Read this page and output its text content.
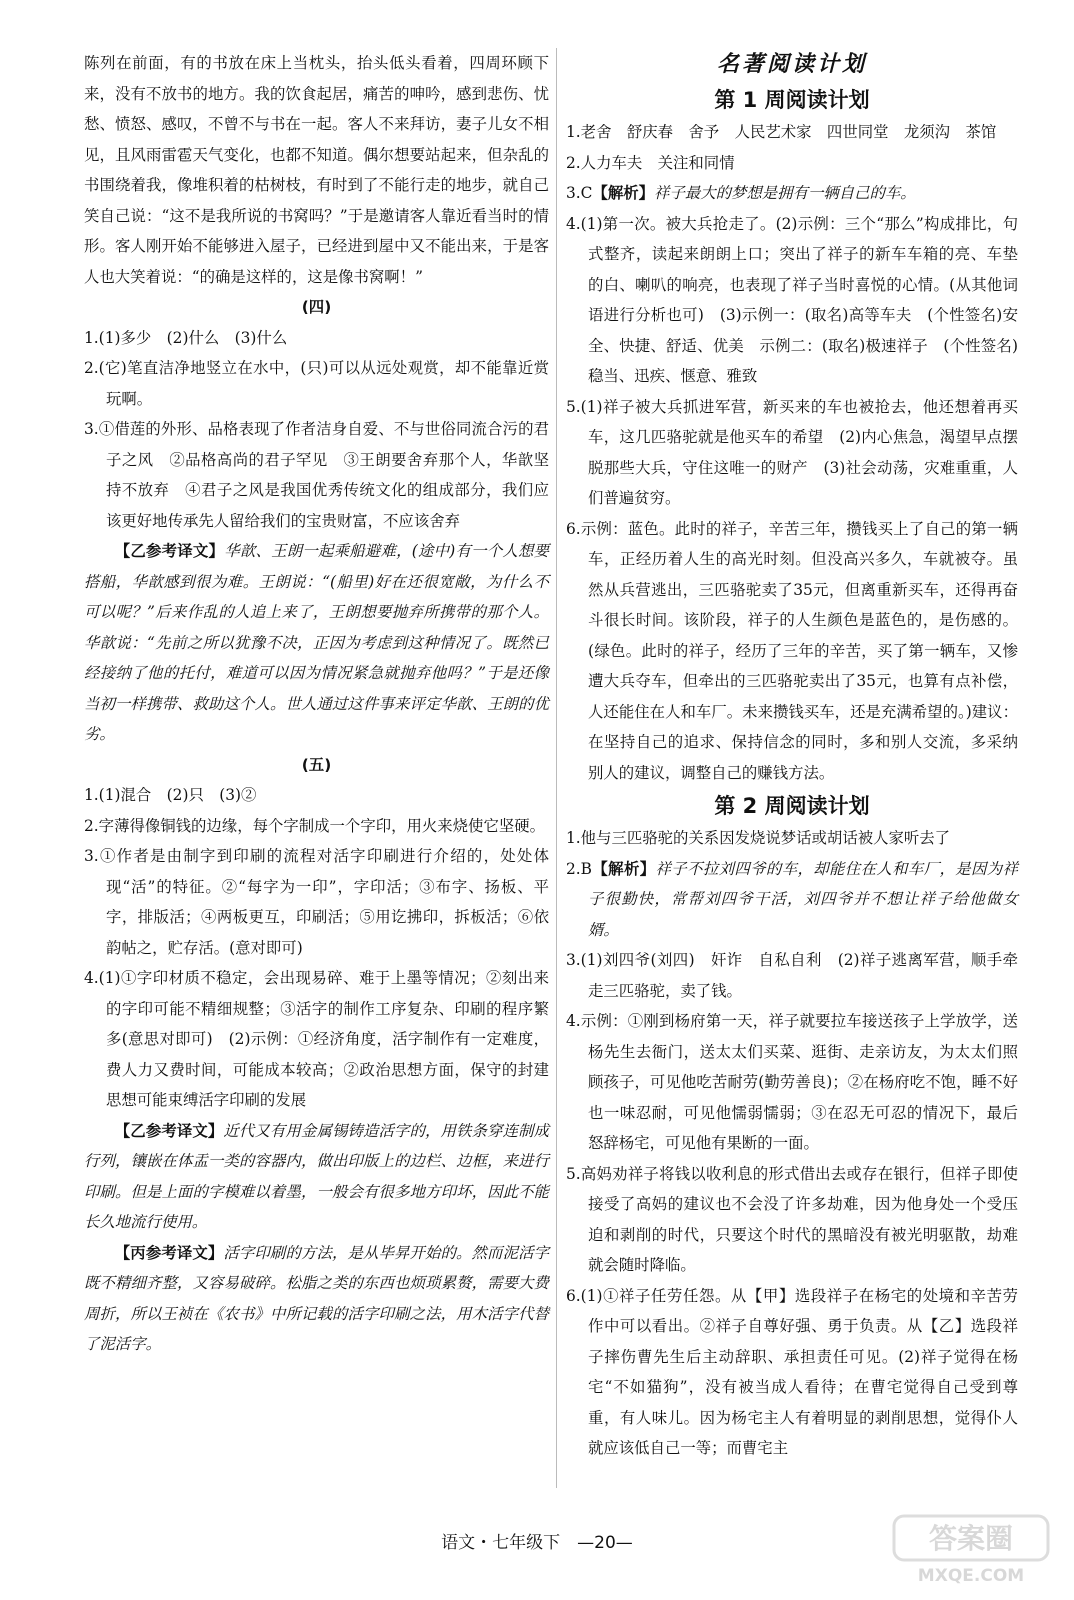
陈列在前面，有的书放在床上当枕头，抬头低头看着，四周环顾下来，没有不放书的地方。我的饮食起居，痛苦的呻吟，感到悲伤、忧愁、愤怒、感叹，不曾不与书在一起。客人不来拜访，妻子儿女不相见，且风雨雷雹天气变化，也都不知道。偶尔想要站起来，但杂乱的书围绕着我，像堆积着的枯树枝，有时到了不能行走的地步，就自己笑自己说：“这不是我所说的书窝吗？”于是邀请客人靠近看当时的情形。客人刚开始不能够进入屋子，已经进到屋中又不能出来，于是客人也大笑着说：“的确是这样的，这是像书窝啊！”

(四)

1.(1)多少　(2)什么　(3)什么

2.(它)笔直洁净地竖立在水中，(只)可以从远处观赏，却不能靠近赏玩啊。

3.①借莲的外形、品格表现了作者洁身自爱、不与世俗同流合污的君子之风　②品格高尚的君子罕见　③王朗要舍弃那个人，华歆坚持不放弃　④君子之风是我国优秀传统文化的组成部分，我们应该更好地传承先人留给我们的宝贵财富，不应该舍弃

【乙参考译文】华歆、王朗一起乘船避难，(途中)有一个人想要搭船，华歆感到很为难。王朗说：“(船里)好在还很宽敞，为什么不可以呢？”后来作乱的人追上来了，王朗想要抛弃所携带的那个人。华歆说：“先前之所以犹豫不决，正因为考虑到这种情况了。既然已经接纳了他的托付，难道可以因为情况紧急就抛弃他吗？”于是还像当初一样携带、救助这个人。世人通过这件事来评定华歆、王朗的优劣。

(五)

1.(1)混合　(2)只　(3)②

2.字薄得像铜钱的边缘，每个字制成一个字印，用火来烧使它坚硬。

3.①作者是由制字到印刷的流程对活字印刷进行介绍的，处处体现“活”的特征。②“每字为一印”，字印活；③布字、扬板、平字，排版活；④两板更互，印刷活；⑤用讫拂印，拆板活；⑥依韵帖之，贮存活。(意对即可)

4.(1)①字印材质不稳定，会出现易碎、难于上墨等情况；②刻出来的字印可能不精细规整；③活字的制作工序复杂、印刷的程序繁多(意思对即可)　(2)示例：①经济角度，活字制作有一定难度，费人力又费时间，可能成本较高；②政治思想方面，保守的封建思想可能束缚活字印刷的发展

【乙参考译文】近代又有用金属锡铸造活字的，用铁条穿连制成行列，镶嵌在体盂一类的容器内，做出印版上的边栏、边框，来进行印刷。但是上面的字模难以着墨，一般会有很多地方印坏，因此不能长久地流行使用。

【丙参考译文】活字印刷的方法，是从毕昇开始的。然而泥活字既不精细齐整，又容易破碎。松脂之类的东西也烦琐累赘，需要大费周折，所以王祯在《农书》中所记载的活字印刷之法，用木活字代替了泥活字。

名著阅读计划

第 1 周阅读计划

1.老舍　舒庆春　舍予　人民艺术家　四世同堂　龙须沟　茶馆

2.人力车夫　关注和同情

3.C【解析】祥子最大的梦想是拥有一辆自己的车。

4.(1)第一次。被大兵抢走了。(2)示例：三个“那么”构成排比，句式整齐，读起来朗朗上口；突出了祥子的新车车箱的亮、车垫的白、喇叭的响亮，也表现了祥子当时喜悦的心情。(从其他词语进行分析也可)　(3)示例一：(取名)高等车夫　(个性签名)安全、快捷、舒适、优美　示例二：(取名)极速祥子　(个性签名)稳当、迅疾、惬意、雅致

5.(1)祥子被大兵抓进军营，新买来的车也被抢去，他还想着再买车，这几匹骆驼就是他买车的希望　(2)内心焦急，渴望早点摆脱那些大兵，守住这唯一的财产　(3)社会动荡，灾难重重，人们普遍贫穷。

6.示例：蓝色。此时的祥子，辛苦三年，攒钱买上了自己的第一辆车，正经历着人生的高光时刻。但没高兴多久，车就被夺。虽然从兵营逃出，三匹骆驼卖了35元，但离重新买车，还得再奋斗很长时间。该阶段，祥子的人生颜色是蓝色的，是伤感的。(绿色。此时的祥子，经历了三年的辛苦，买了第一辆车，又惨遭大兵夺车，但牵出的三匹骆驼卖出了35元，也算有点补偿，人还能住在人和车厂。未来攒钱买车，还是充满希望的。)建议：在坚持自己的追求、保持信念的同时，多和别人交流，多采纳别人的建议，调整自己的赚钱方法。

第 2 周阅读计划

1.他与三匹骆驼的关系因发烧说梦话或胡话被人家听去了

2.B【解析】祥子不拉刘四爷的车，却能住在人和车厂，是因为祥子很勤快，常帮刘四爷干活，刘四爷并不想让祥子给他做女婿。

3.(1)刘四爷(刘四)　奸诈　自私自利　(2)祥子逃离军营，顺手牵走三匹骆驼，卖了钱。

4.示例：①刚到杨府第一天，祥子就要拉车接送孩子上学放学，送杨先生去衙门，送太太们买菜、逛街、走亲访友，为太太们照顾孩子，可见他吃苦耐劳(勤劳善良)；②在杨府吃不饱，睡不好也一味忍耐，可见他懦弱懦弱；③在忍无可忍的情况下，最后怒辞杨宅，可见他有果断的一面。

5.高妈劝祥子将钱以收利息的形式借出去或存在银行，但祥子即使接受了高妈的建议也不会没了许多劫难，因为他身处一个受压迫和剥削的时代，只要这个时代的黑暗没有被光明驱散，劫难就会随时降临。

6.(1)①祥子任劳任怨。从【甲】选段祥子在杨宅的处境和辛苦劳作中可以看出。②祥子自尊好强、勇于负责。从【乙】选段祥子摔伤曹先生后主动辞职、承担责任可见。(2)祥子觉得在杨宅“不如猫狗”，没有被当成人看待；在曹宅觉得自己受到尊重，有人味儿。因为杨宅主人有着明显的剥削思想，觉得仆人就应该低自己一等；而曹宅主

语文・七年级下　—20—	答案圈
MXQE.COM
